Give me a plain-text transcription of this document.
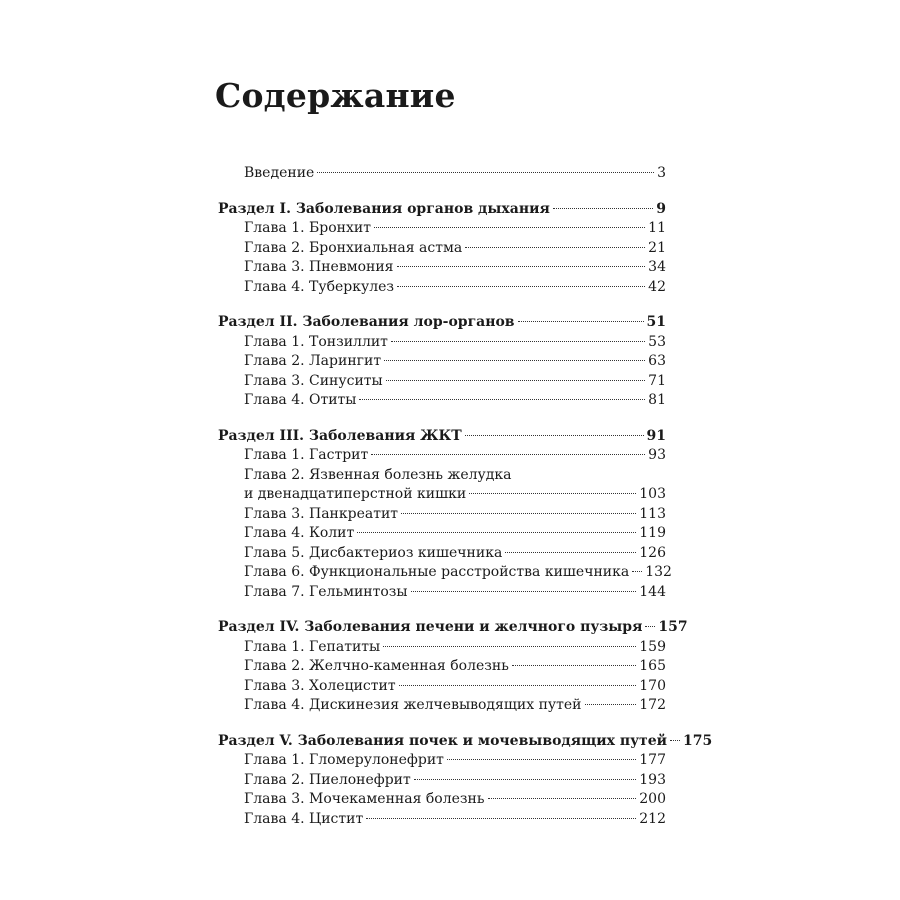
Содержание
Введение	3
Раздел I. Заболевания органов дыхания	9
Глава 1. Бронхит	11
Глава 2. Бронхиальная астма	21
Глава 3. Пневмония	34
Глава 4. Туберкулез	42
Раздел II. Заболевания лор-органов	51
Глава 1. Тонзиллит	53
Глава 2. Ларингит	63
Глава 3. Синуситы	71
Глава 4. Отиты	81
Раздел III. Заболевания ЖКТ	91
Глава 1. Гастрит	93
Глава 2. Язвенная болезнь желудка
и двенадцатиперстной кишки	103
Глава 3. Панкреатит	113
Глава 4. Колит	119
Глава 5. Дисбактериоз кишечника	126
Глава 6. Функциональные расстройства кишечника 132
Глава 7. Гельминтозы	144
Раздел IV. Заболевания печени и желчного пузыря 157
Глава 1. Гепатиты	159
Глава 2. Желчно-каменная болезнь	165
Глава 3. Холецистит	170
Глава 4. Дискинезия желчевыводящих путей	172
Раздел V. Заболевания почек и мочевыводящих путей 175
Глава 1. Гломерулонефрит	177
Глава 2. Пиелонефрит	193
Глава 3. Мочекаменная болезнь	200
Глава 4. Цистит	212
